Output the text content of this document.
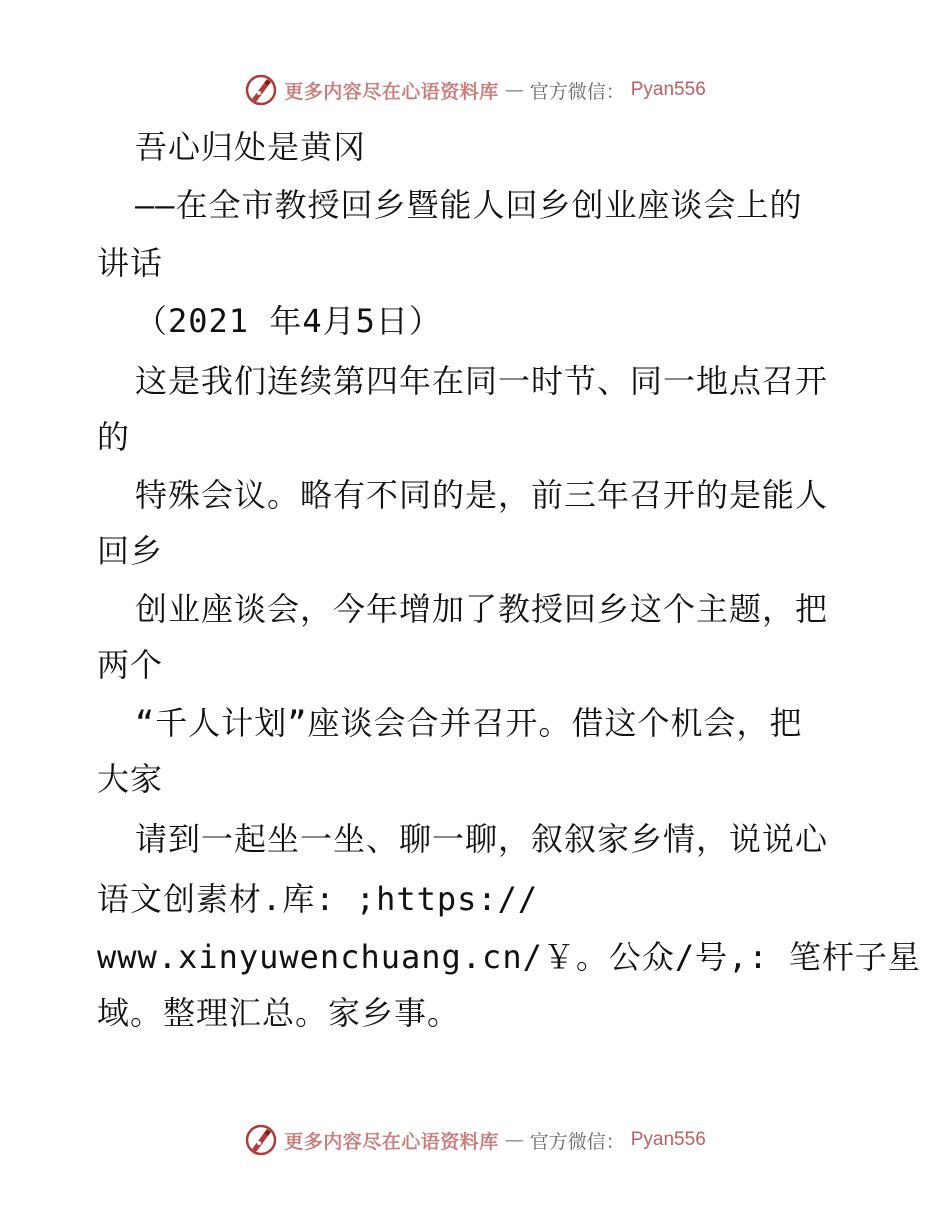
更多内容尽在心语资料库 — 官方微信： Pyan556
吾心归处是黄冈
——在全市教授回乡暨能人回乡创业座谈会上的
讲话
（2021 年4月5日）
这是我们连续第四年在同一时节、同一地点召开
的
特殊会议。略有不同的是，前三年召开的是能人
回乡
创业座谈会，今年增加了教授回乡这个主题，把
两个
“千人计划”座谈会合并召开。借这个机会，把
大家
请到一起坐一坐、聊一聊，叙叙家乡情，说说心
语文创素材.库: ;https://
www.xinyuwenchuang.cn/￥。公众/号,: 笔杆子星
域。整理汇总。家乡事。
更多内容尽在心语资料库 — 官方微信： Pyan556
